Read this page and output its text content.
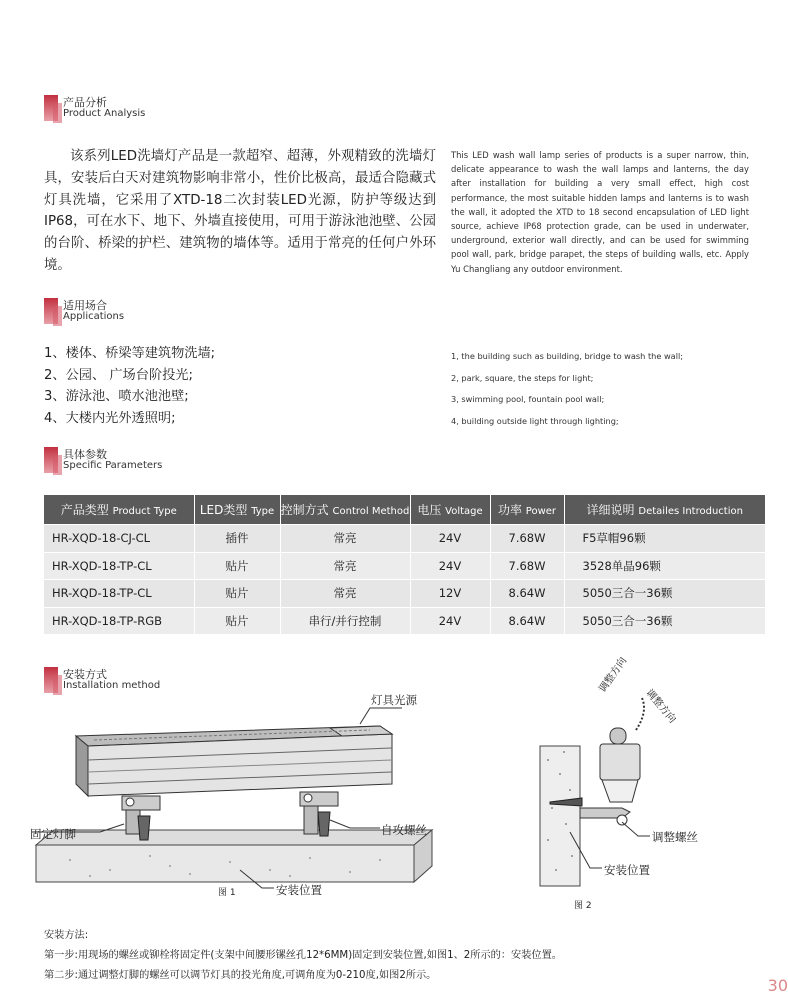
产品分析
Product Analysis
该系列LED洗墙灯产品是一款超窄、超薄，外观精致的洗墙灯具，安装后白天对建筑物影响非常小，性价比极高，最适合隐藏式灯具洗墙，它采用了XTD-18二次封装LED光源，防护等级达到IP68，可在水下、地下、外墙直接使用，可用于游泳池池壁、公园的台阶、桥梁的护栏、建筑物的墙体等。适用于常亮的任何户外环境。
This LED wash wall lamp series of products is a super narrow, thin, delicate appearance to wash the wall lamps and lanterns, the day after installation for building a very small effect, high cost performance, the most suitable hidden lamps and lanterns is to wash the wall, it adopted the XTD to 18 second encapsulation of LED light source, achieve IP68 protection grade, can be used in underwater, underground, exterior wall directly, and can be used for swimming pool wall, park, bridge parapet, the steps of building walls, etc. Apply Yu Changliang any outdoor environment.
适用场合
Applications
1、楼体、桥梁等建筑物洗墙;
2、公园、 广场台阶投光;
3、游泳池、喷水池池壁;
4、大楼内光外透照明;
1, the building such as building, bridge to wash the wall;
2, park, square, the steps for light;
3, swimming pool, fountain pool wall;
4, building outside light through lighting;
具体参数
Specific Parameters
产品类型 Product Type	LED类型 Type	控制方式 Control Method	电压 Voltage	功率 Power	详细说明 Detailes Introduction
HR-XQD-18-CJ-CL	插件	常亮	24V	7.68W	F5草帽96颗
HR-XQD-18-TP-CL	贴片	常亮	24V	7.68W	3528单晶96颗
HR-XQD-18-TP-CL	贴片	常亮	12V	8.64W	5050三合一36颗
HR-XQD-18-TP-RGB	贴片	串行/并行控制	24V	8.64W	5050三合一36颗
安装方式
Installation method
灯具光源
固定灯脚	自攻螺丝
安装位置
图 1
调整方向
调整方向
调整螺丝
安装位置
图 2
安装方法:
第一步:用现场的螺丝或铆栓将固定件(支架中间腰形镙丝孔12*6MM)固定到安装位置,如图1、2所示的：安装位置。
第二步:通过调整灯脚的螺丝可以调节灯具的投光角度,可调角度为0-210度,如图2所示。
30
